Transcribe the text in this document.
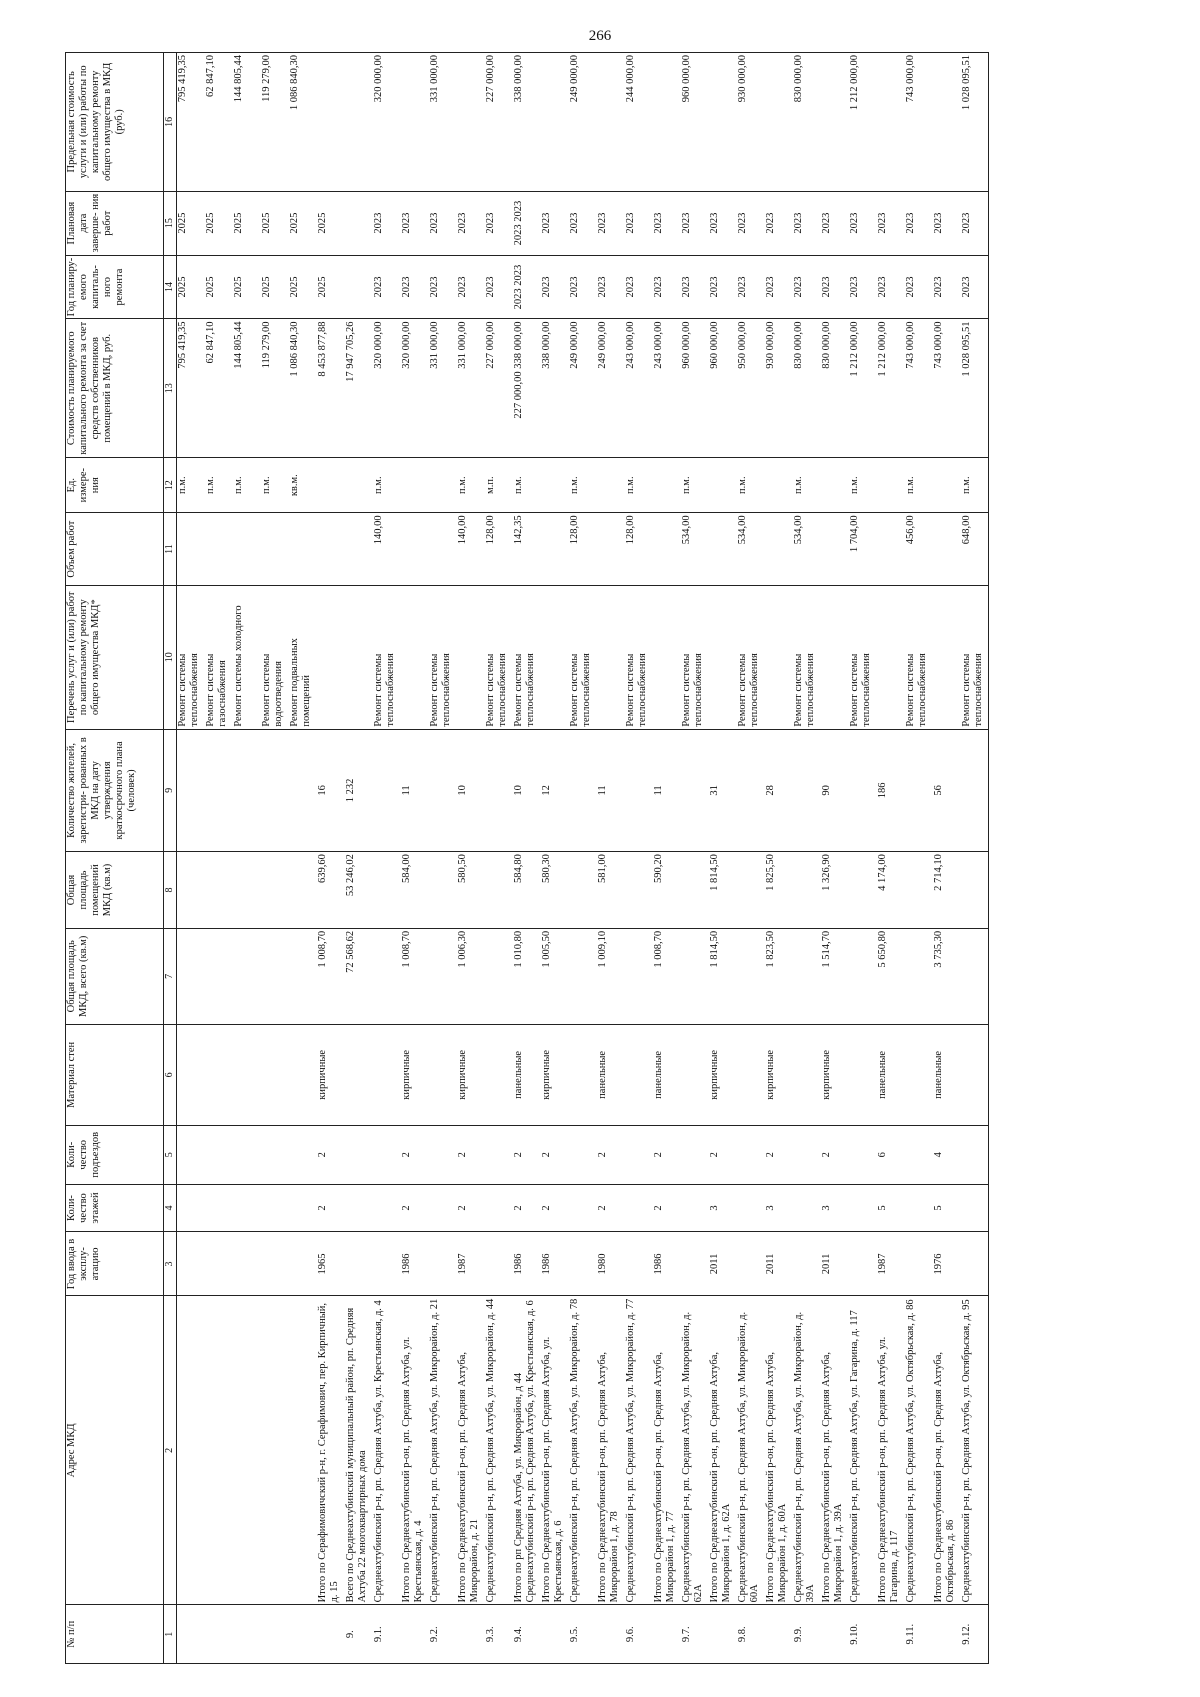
266
№ п/п	Адрес МКД	Год ввода в эксплу- атацию	Коли- чество этажей	Коли- чество подъездов	Материал стен	Общая площадь МКД, всего (кв.м)	Общая площадь помещений МКД (кв.м)	Количество жителей, зарегистри- рованных в МКД на дату утверждения краткосрочного плана (человек)	Перечень услуг и (или) работ по капитальному ремонту общего имущества МКД*	Объем работ	Ед. измере- ния	Стоимость планируемого капитального ремонта за счет средств собственников помещений в МКД, руб.	Год планиру- емого капиталь- ного ремонта	Плановая дата заверше- ния работ	Предельная стоимость услуги и (или) работы по капитальному ремонту общего имущества в МКД (руб.)
1	2	3	4	5	6	7	8	9	10	11	12	13	14	15	16
									Ремонт системы теплоснабжения		п.м.	795 419,35	2025	2025	795 419,35
									Ремонт системы газоснабжения		п.м.	62 847,10	2025	2025	62 847,10
									Ремонт системы холодного		п.м.	144 805,44	2025	2025	144 805,44
									Ремонт системы водоотведения		п.м.	119 279,00	2025	2025	119 279,00
									Ремонт подвальных помещений		кв.м.	1 086 840,30	2025	2025	1 086 840,30
	Итого по Серафимовичский р-н, г. Серафимович, пер. Кирпичный, д. 15	1965	2	2	кирпичные	1 008,70	639,60	16				8 453 877,88	2025	2025	
9.	Всего по Среднеахтубинский муниципальный район, рп. Средняя Ахтуба 22 многоквартирных дома					72 568,62	53 246,02	1 232				17 947 705,26			
9.1.	Среднеахтубинский р-н, рп. Средняя Ахтуба, ул. Крестьянская, д. 4								Ремонт системы теплоснабжения	140,00	п.м.	320 000,00	2023	2023	320 000,00
	Итого по Среднеахтубинский р-он, рп. Средняя Ахтуба, ул. Крестьянская, д. 4	1986	2	2	кирпичные	1 008,70	584,00	11				320 000,00	2023	2023	
9.2.	Среднеахтубинский р-н, рп. Средняя Ахтуба, ул. Микрорайон, д. 21								Ремонт системы теплоснабжения			331 000,00	2023	2023	331 000,00
	Итого по Среднеахтубинский р-он, рп. Средняя Ахтуба, Микрорайон, д. 21	1987	2	2	кирпичные	1 006,30	580,50	10		140,00	п.м.	331 000,00	2023	2023	
9.3.	Среднеахтубинский р-н, рп. Средняя Ахтуба, ул. Микрорайон, д. 44								Ремонт системы теплоснабжения	128,00	м.п.	227 000,00	2023	2023	227 000,00
9.4.	Итого по рп Средняя Ахтуба, ул. Микрорайон, д 44 Среднеахтубинский р-н, рп. Средняя Ахтуба, ул. Крестьянская, д. 6	1986	2	2	панельные	1 010,80	584,80	10	Ремонт системы теплоснабжения	142,35	п.м.	227 000,00 338 000,00	2023 2023	2023 2023	338 000,00
	Итого по Среднеахтубинский р-он, рп. Средняя Ахтуба, ул. Крестьянская, д. 6	1986	2	2	кирпичные	1 005,50	580,30	12				338 000,00	2023	2023	
9.5.	Среднеахтубинский р-н, рп. Средняя Ахтуба, ул. Микрорайон, д. 78								Ремонт системы теплоснабжения	128,00	п.м.	249 000,00	2023	2023	249 000,00
	Итого по Среднеахтубинский р-он, рп. Средняя Ахтуба, Микрорайон 1, д. 78	1980	2	2	панельные	1 009,10	581,00	11				249 000,00	2023	2023	
9.6.	Среднеахтубинский р-н, рп. Средняя Ахтуба, ул. Микрорайон, д. 77								Ремонт системы теплоснабжения	128,00	п.м.	243 000,00	2023	2023	244 000,00
	Итого по Среднеахтубинский р-он, рп. Средняя Ахтуба, Микрорайон 1, д. 77	1986	2	2	панельные	1 008,70	590,20	11				243 000,00	2023	2023	
9.7.	Среднеахтубинский р-н, рп. Средняя Ахтуба, ул. Микрорайон, д. 62А								Ремонт системы теплоснабжения	534,00	п.м.	960 000,00	2023	2023	960 000,00
	Итого по Среднеахтубинский р-он, рп. Средняя Ахтуба, Микрорайон 1, д. 62А	2011	3	2	кирпичные	1 814,50	1 814,50	31				960 000,00	2023	2023	
9.8.	Среднеахтубинский р-н, рп. Средняя Ахтуба, ул. Микрорайон, д. 60А								Ремонт системы теплоснабжения	534,00	п.м.	950 000,00	2023	2023	930 000,00
	Итого по Среднеахтубинский р-он, рп. Средняя Ахтуба, Микрорайон 1, д. 60А	2011	3	2	кирпичные	1 823,50	1 825,50	28				930 000,00	2023	2023	
9.9.	Среднеахтубинский р-н, рп. Средняя Ахтуба, ул. Микрорайон, д. 39А								Ремонт системы теплоснабжения	534,00	п.м.	830 000,00	2023	2023	830 000,00
	Итого по Среднеахтубинский р-он, рп. Средняя Ахтуба, Микрорайон 1, д. 39А	2011	3	2	кирпичные	1 514,70	1 326,90	90				830 000,00	2023	2023	
9.10.	Среднеахтубинский р-н, рп. Средняя Ахтуба, ул. Гагарина, д. 117								Ремонт системы теплоснабжения	1 704,00	п.м.	1 212 000,00	2023	2023	1 212 000,00
	Итого по Среднеахтубинский р-он, рп. Средняя Ахтуба, ул. Гагарина, д. 117	1987	5	6	панельные	5 650,80	4 174,00	186				1 212 000,00	2023	2023	
9.11.	Среднеахтубинский р-н, рп. Средняя Ахтуба, ул. Октябрьская, д. 86								Ремонт системы теплоснабжения	456,00	п.м.	743 000,00	2023	2023	743 000,00
	Итого по Среднеахтубинский р-он, рп. Средняя Ахтуба, Октябрьская, д. 86	1976	5	4	панельные	3 735,30	2 714,10	56				743 000,00	2023	2023	
9.12.	Среднеахтубинский р-н, рп. Средняя Ахтуба, ул. Октябрьская, д. 95								Ремонт системы теплоснабжения	648,00	п.м.	1 028 095,51	2023	2023	1 028 095,51
